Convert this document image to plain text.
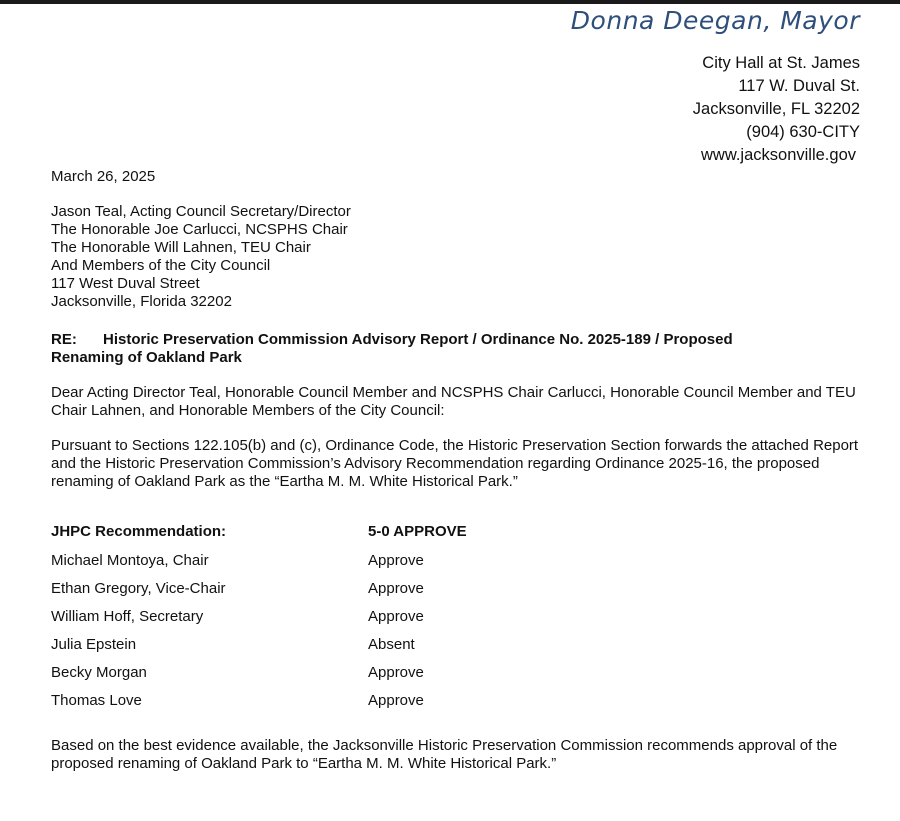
Donna Deegan, Mayor
City Hall at St. James
117 W. Duval St.
Jacksonville, FL 32202
(904) 630-CITY
www.jacksonville.gov
March 26, 2025
Jason Teal, Acting Council Secretary/Director
The Honorable Joe Carlucci, NCSPHS Chair
The Honorable Will Lahnen, TEU Chair
And Members of the City Council
117 West Duval Street
Jacksonville, Florida 32202
RE:	Historic Preservation Commission Advisory Report / Ordinance No. 2025-189 / Proposed
Renaming of Oakland Park

Dear Acting Director Teal, Honorable Council Member and NCSPHS Chair Carlucci, Honorable Council Member and TEU Chair Lahnen, and Honorable Members of the City Council:

Pursuant to Sections 122.105(b) and (c), Ordinance Code, the Historic Preservation Section forwards the attached Report and the Historic Preservation Commission’s Advisory Recommendation regarding Ordinance 2025-16, the proposed renaming of Oakland Park as the “Eartha M. M. White Historical Park.”

JHPC Recommendation:	5-0 APPROVE
Michael Montoya, Chair	Approve
Ethan Gregory, Vice-Chair	Approve
William Hoff, Secretary	Approve
Julia Epstein	Absent
Becky Morgan	Approve
Thomas Love	Approve

Based on the best evidence available, the Jacksonville Historic Preservation Commission recommends approval of the proposed renaming of Oakland Park to “Eartha M. M. White Historical Park.”
